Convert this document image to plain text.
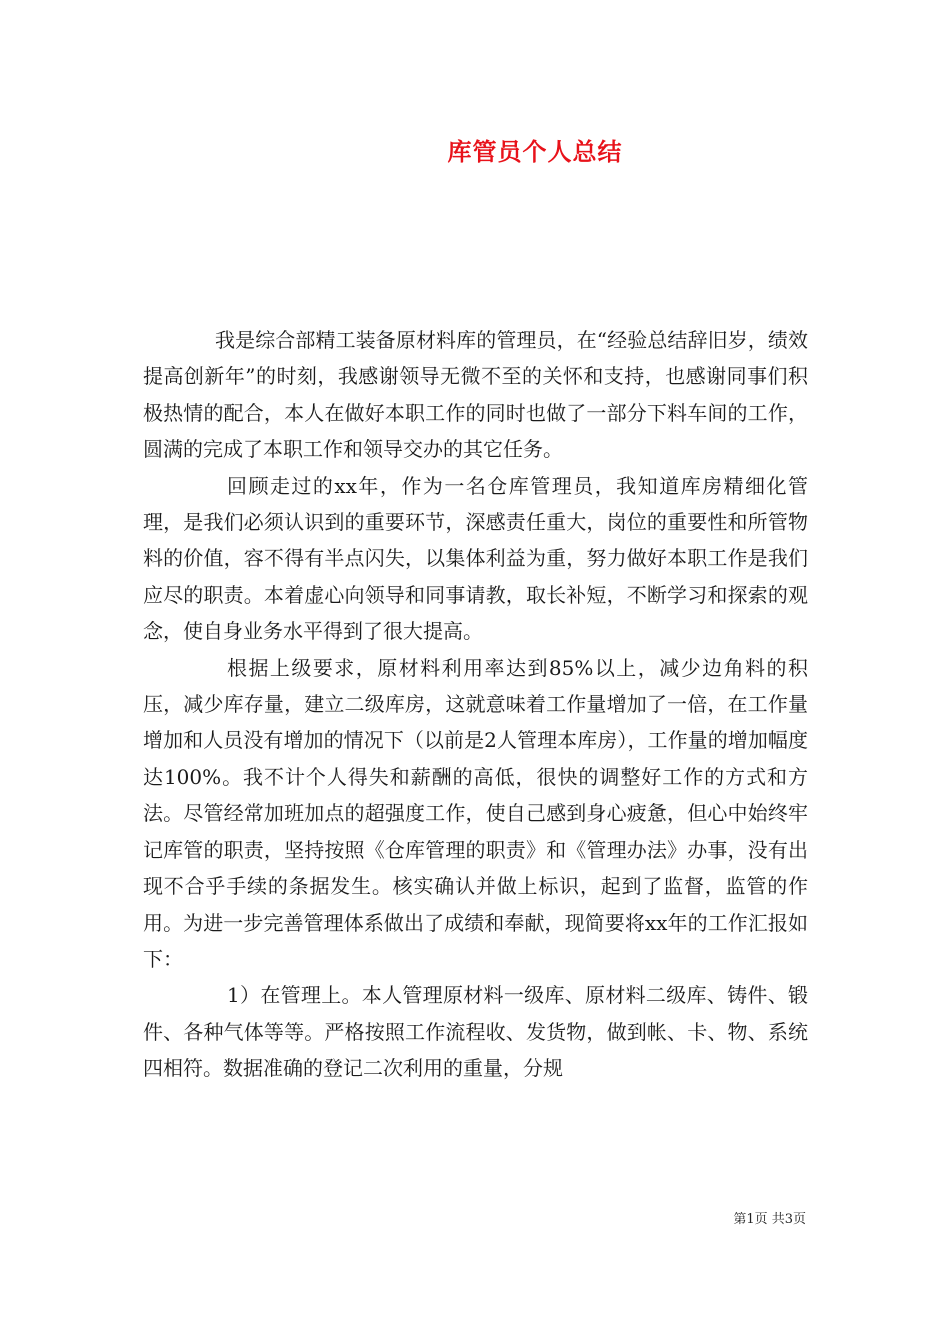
库管员个人总结

我是综合部精工装备原材料库的管理员，在“经验总结辞旧岁，绩效提高创新年”的时刻，我感谢领导无微不至的关怀和支持，也感谢同事们积极热情的配合，本人在做好本职工作的同时也做了一部分下料车间的工作，圆满的完成了本职工作和领导交办的其它任务。

回顾走过的xx年，作为一名仓库管理员，我知道库房精细化管理，是我们必须认识到的重要环节，深感责任重大，岗位的重要性和所管物料的价值，容不得有半点闪失，以集体利益为重，努力做好本职工作是我们应尽的职责。本着虚心向领导和同事请教，取长补短，不断学习和探索的观念，使自身业务水平得到了很大提高。

根据上级要求，原材料利用率达到85%以上，减少边角料的积压，减少库存量，建立二级库房，这就意味着工作量增加了一倍，在工作量增加和人员没有增加的情况下（以前是2人管理本库房），工作量的增加幅度达100%。我不计个人得失和薪酬的高低，很快的调整好工作的方式和方法。尽管经常加班加点的超强度工作，使自己感到身心疲惫，但心中始终牢记库管的职责，坚持按照《仓库管理的职责》和《管理办法》办事，没有出现不合乎手续的条据发生。核实确认并做上标识，起到了监督，监管的作用。为进一步完善管理体系做出了成绩和奉献，现简要将xx年的工作汇报如下：

1）在管理上。本人管理原材料一级库、原材料二级库、铸件、锻件、各种气体等等。严格按照工作流程收、发货物，做到帐、卡、物、系统四相符。数据准确的登记二次利用的重量，分规

第1页 共3页
